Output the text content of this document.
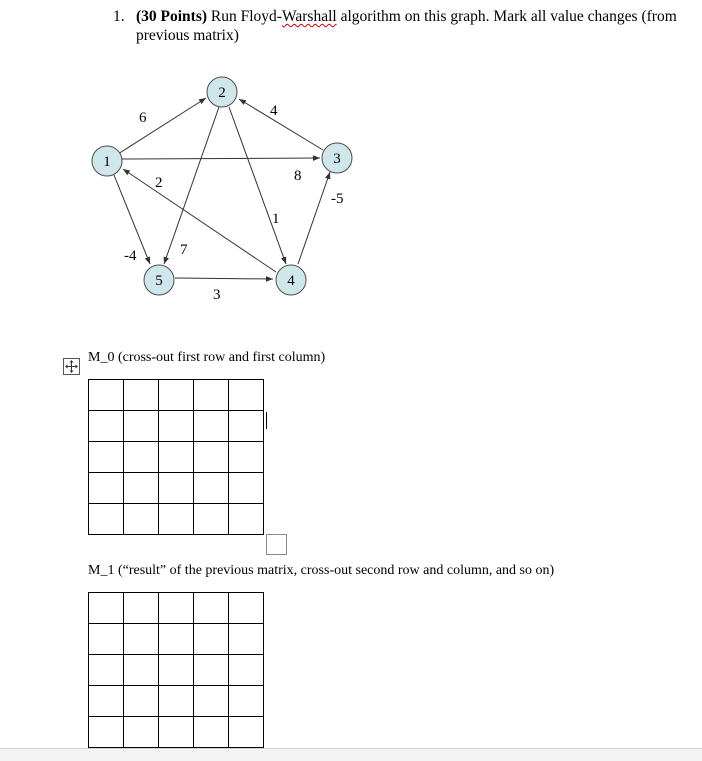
1. (30 Points) Run Floyd-Warshall algorithm on this graph. Mark all value changes (from
previous matrix)
1
2
3
4
5
6	4
8
2
-5
1
-4	7
3
M_0 (cross-out first row and first column)

M_1 (“result” of the previous matrix, cross-out second row and column, and so on)
